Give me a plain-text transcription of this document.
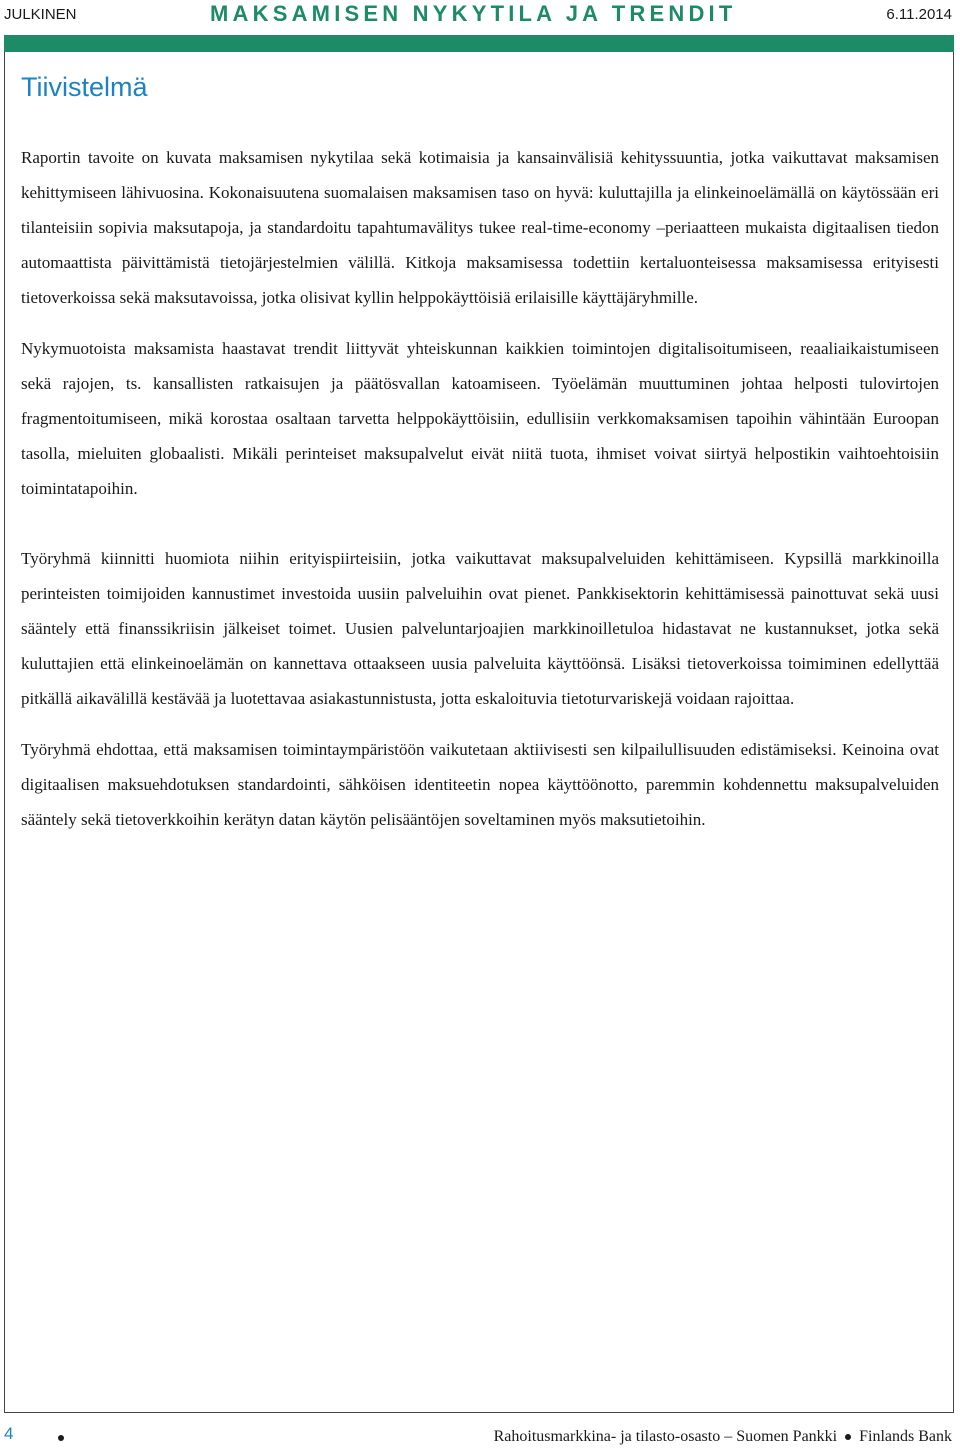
JULKINEN	MAKSAMISEN NYKYTILA JA TRENDIT	6.11.2014
Tiivistelmä

Raportin tavoite on kuvata maksamisen nykytilaa sekä kotimaisia ja kansainvälisiä kehityssuuntia, jotka vaikuttavat maksamisen kehittymiseen lähivuosina. Kokonaisuutena suomalaisen maksamisen taso on hyvä: kuluttajilla ja elinkeinoelämällä on käytössään eri tilanteisiin sopivia maksutapoja, ja standardoitu tapahtumavälitys tukee real-time-economy –periaatteen mukaista digitaalisen tiedon automaattista päivittämistä tietojärjestelmien välillä. Kitkoja maksamisessa todettiin kertaluonteisessa maksamisessa erityisesti tietoverkoissa sekä maksutavoissa, jotka olisivat kyllin helppokäyttöisiä erilaisille käyttäjäryhmille.

Nykymuotoista maksamista haastavat trendit liittyvät yhteiskunnan kaikkien toimintojen digitalisoitumiseen, reaaliaikaistumiseen sekä rajojen, ts. kansallisten ratkaisujen ja päätösvallan katoamiseen. Työelämän muuttuminen johtaa helposti tulovirtojen fragmentoitumiseen, mikä korostaa osaltaan tarvetta helppokäyttöisiin, edullisiin verkkomaksamisen tapoihin vähintään Euroopan tasolla, mieluiten globaalisti. Mikäli perinteiset maksupalvelut eivät niitä tuota, ihmiset voivat siirtyä helpostikin vaihtoehtoisiin toimintatapoihin.

Työryhmä kiinnitti huomiota niihin erityispiirteisiin, jotka vaikuttavat maksupalveluiden kehittämiseen. Kypsillä markkinoilla perinteisten toimijoiden kannustimet investoida uusiin palveluihin ovat pienet. Pankkisektorin kehittämisessä painottuvat sekä uusi sääntely että finanssikriisin jälkeiset toimet. Uusien palveluntarjoajien markkinoilletuloa hidastavat ne kustannukset, jotka sekä kuluttajien että elinkeinoelämän on kannettava ottaakseen uusia palveluita käyttöönsä. Lisäksi tietoverkoissa toimiminen edellyttää pitkällä aikavälillä kestävää ja luotettavaa asiakastunnistusta, jotta eskaloituvia tietoturvariskejä voidaan rajoittaa.

Työryhmä ehdottaa, että maksamisen toimintaympäristöön vaikutetaan aktiivisesti sen kilpailullisuuden edistämiseksi. Keinoina ovat digitaalisen maksuehdotuksen standardointi, sähköisen identiteetin nopea käyttöönotto, paremmin kohdennettu maksupalveluiden sääntely sekä tietoverkkoihin kerätyn datan käytön pelisääntöjen soveltaminen myös maksutietoihin.

4	Rahoitusmarkkina- ja tilasto-osasto – Suomen Pankki Finlands Bank
